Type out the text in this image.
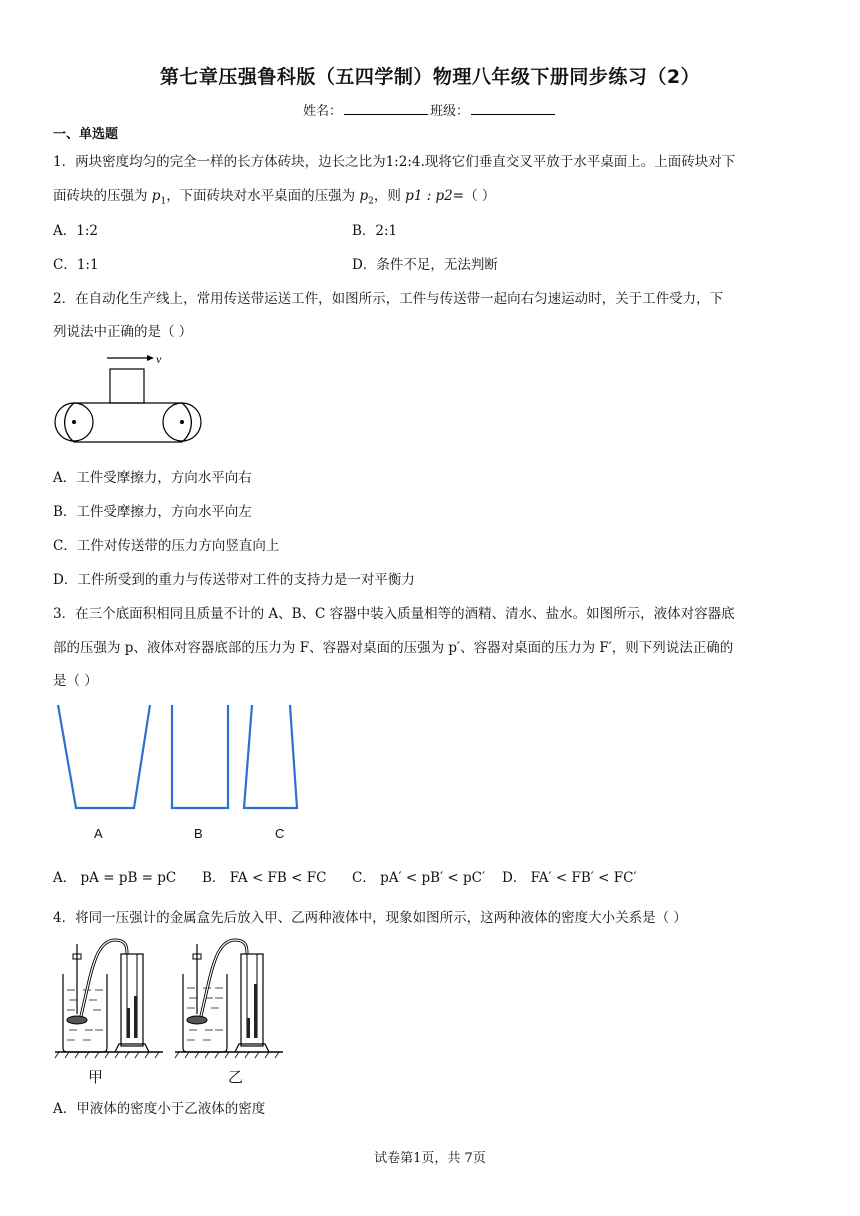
第七章压强鲁科版（五四学制）物理八年级下册同步练习（2）
姓名：	班级：
一、单选题
1．两块密度均匀的完全一样的长方体砖块，边长之比为1:2:4.现将它们垂直交叉平放于水平桌面上。上面砖块对下
面砖块的压强为 $p_1$，下面砖块对水平桌面的压强为 $p_2$，则 p1 : p2=（ ）
A．1:2	B．2:1
C．1:1	D．条件不足，无法判断
2．在自动化生产线上，常用传送带运送工件，如图所示，工件与传送带一起向右匀速运动时，关于工件受力，下
列说法中正确的是（ ）
v
A．工件受摩擦力，方向水平向右
B．工件受摩擦力，方向水平向左
C．工件对传送带的压力方向竖直向上
D．工件所受到的重力与传送带对工件的支持力是一对平衡力
3．在三个底面积相同且质量不计的 A、B、C 容器中装入质量相等的酒精、清水、盐水。如图所示，液体对容器底
部的压强为 p、液体对容器底部的压力为 F、容器对桌面的压强为 p′、容器对桌面的压力为 F′，则下列说法正确的
是（ ）
A	B	C
A． pA = pB = pC B． FA < FB < FC C． pA′ < pB′ < pC′ D． FA′ < FB′ < FC′
4．将同一压强计的金属盒先后放入甲、乙两种液体中，现象如图所示，这两种液体的密度大小关系是（ ）
甲	乙
A．甲液体的密度小于乙液体的密度
试卷第1页，共 7页
